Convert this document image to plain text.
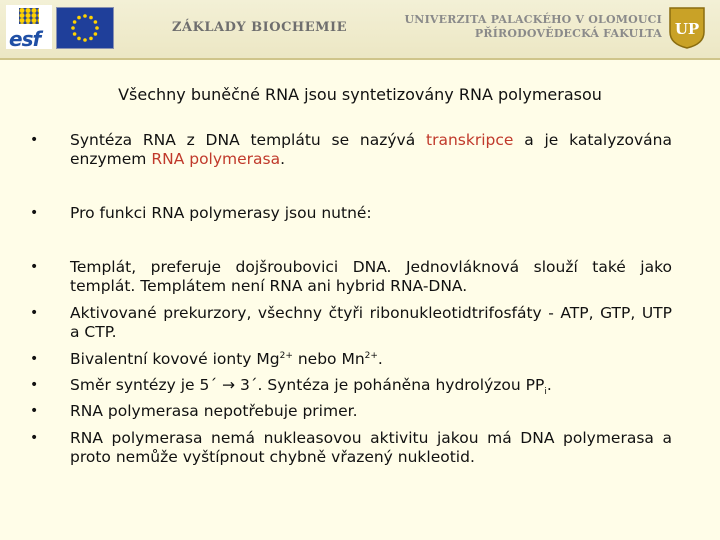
esf	ZÁKLADY BIOCHEMIE
UNIVERZITA PALACKÉHO V OLOMOUCI
PŘÍRODOVĚDECKÁ FAKULTA UP
Všechny buněčné RNA jsou syntetizovány RNA polymerasou
• Syntéza RNA z DNA templátu se nazývá transkripce a je katalyzována enzymem RNA polymerasa.
• Pro funkci RNA polymerasy jsou nutné:
• Templát, preferuje dojšroubovici DNA. Jednovláknová slouží také jako templát. Templátem není RNA ani hybrid RNA-DNA.
• Aktivované prekurzory, všechny čtyři ribonukleotidtrifosfáty - ATP, GTP, UTP a CTP.
• Bivalentní kovové ionty $Mg^{2+}$ nebo $Mn^{2+}$.
• Směr syntézy je 5´ → 3´. Syntéza je poháněna hydrolýzou $PP_i$.
• RNA polymerasa nepotřebuje primer.
• RNA polymerasa nemá nukleasovou aktivitu jakou má DNA polymerasa a proto nemůže vyštípnout chybně vřazený nukleotid.
